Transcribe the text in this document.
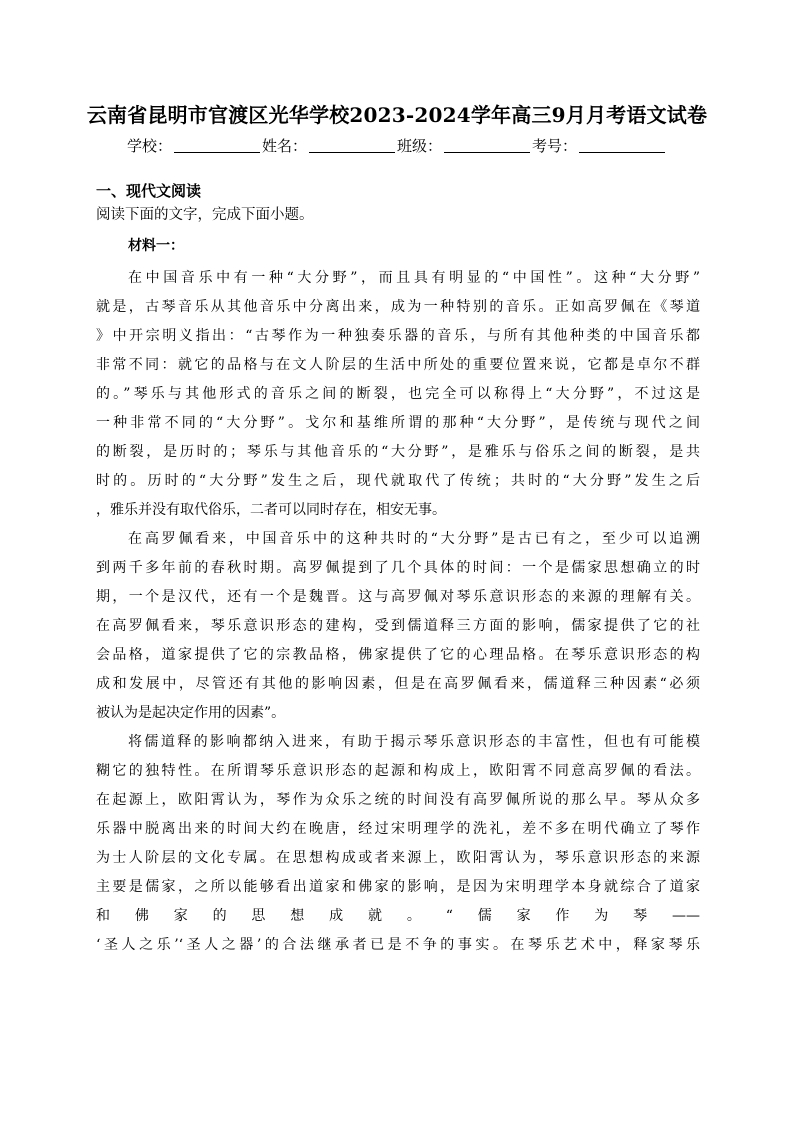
云南省昆明市官渡区光华学校2023-2024学年高三9月月考语文试卷
学校：	姓名：	班级：	考号：
一、现代文阅读
阅读下面的文字，完成下面小题。
材料一：
在中国音乐中有一种“大分野”，而且具有明显的“中国性”。这种“大分野”
就是，古琴音乐从其他音乐中分离出来，成为一种特别的音乐。正如高罗佩在《琴道
》中开宗明义指出：“古琴作为一种独奏乐器的音乐，与所有其他种类的中国音乐都
非常不同：就它的品格与在文人阶层的生活中所处的重要位置来说，它都是卓尔不群
的。”琴乐与其他形式的音乐之间的断裂，也完全可以称得上“大分野”，不过这是
一种非常不同的“大分野”。戈尔和基维所谓的那种“大分野”，是传统与现代之间
的断裂，是历时的；琴乐与其他音乐的“大分野”，是雅乐与俗乐之间的断裂，是共
时的。历时的“大分野”发生之后，现代就取代了传统；共时的“大分野”发生之后
，雅乐并没有取代俗乐，二者可以同时存在，相安无事。
在高罗佩看来，中国音乐中的这种共时的“大分野”是古已有之，至少可以追溯
到两千多年前的春秋时期。高罗佩提到了几个具体的时间：一个是儒家思想确立的时
期，一个是汉代，还有一个是魏晋。这与高罗佩对琴乐意识形态的来源的理解有关。
在高罗佩看来，琴乐意识形态的建构，受到儒道释三方面的影响，儒家提供了它的社
会品格，道家提供了它的宗教品格，佛家提供了它的心理品格。在琴乐意识形态的构
成和发展中，尽管还有其他的影响因素，但是在高罗佩看来，儒道释三种因素“必须
被认为是起决定作用的因素”。
将儒道释的影响都纳入进来，有助于揭示琴乐意识形态的丰富性，但也有可能模
糊它的独特性。在所谓琴乐意识形态的起源和构成上，欧阳霄不同意高罗佩的看法。
在起源上，欧阳霄认为，琴作为众乐之统的时间没有高罗佩所说的那么早。琴从众多
乐器中脱离出来的时间大约在晚唐，经过宋明理学的洗礼，差不多在明代确立了琴作
为士人阶层的文化专属。在思想构成或者来源上，欧阳霄认为，琴乐意识形态的来源
主要是儒家，之所以能够看出道家和佛家的影响，是因为宋明理学本身就综合了道家
和佛家的思想成就。“儒家作为琴——
‘圣人之乐’‘圣人之器’的合法继承者已是不争的事实。在琴乐艺术中，释家琴乐
